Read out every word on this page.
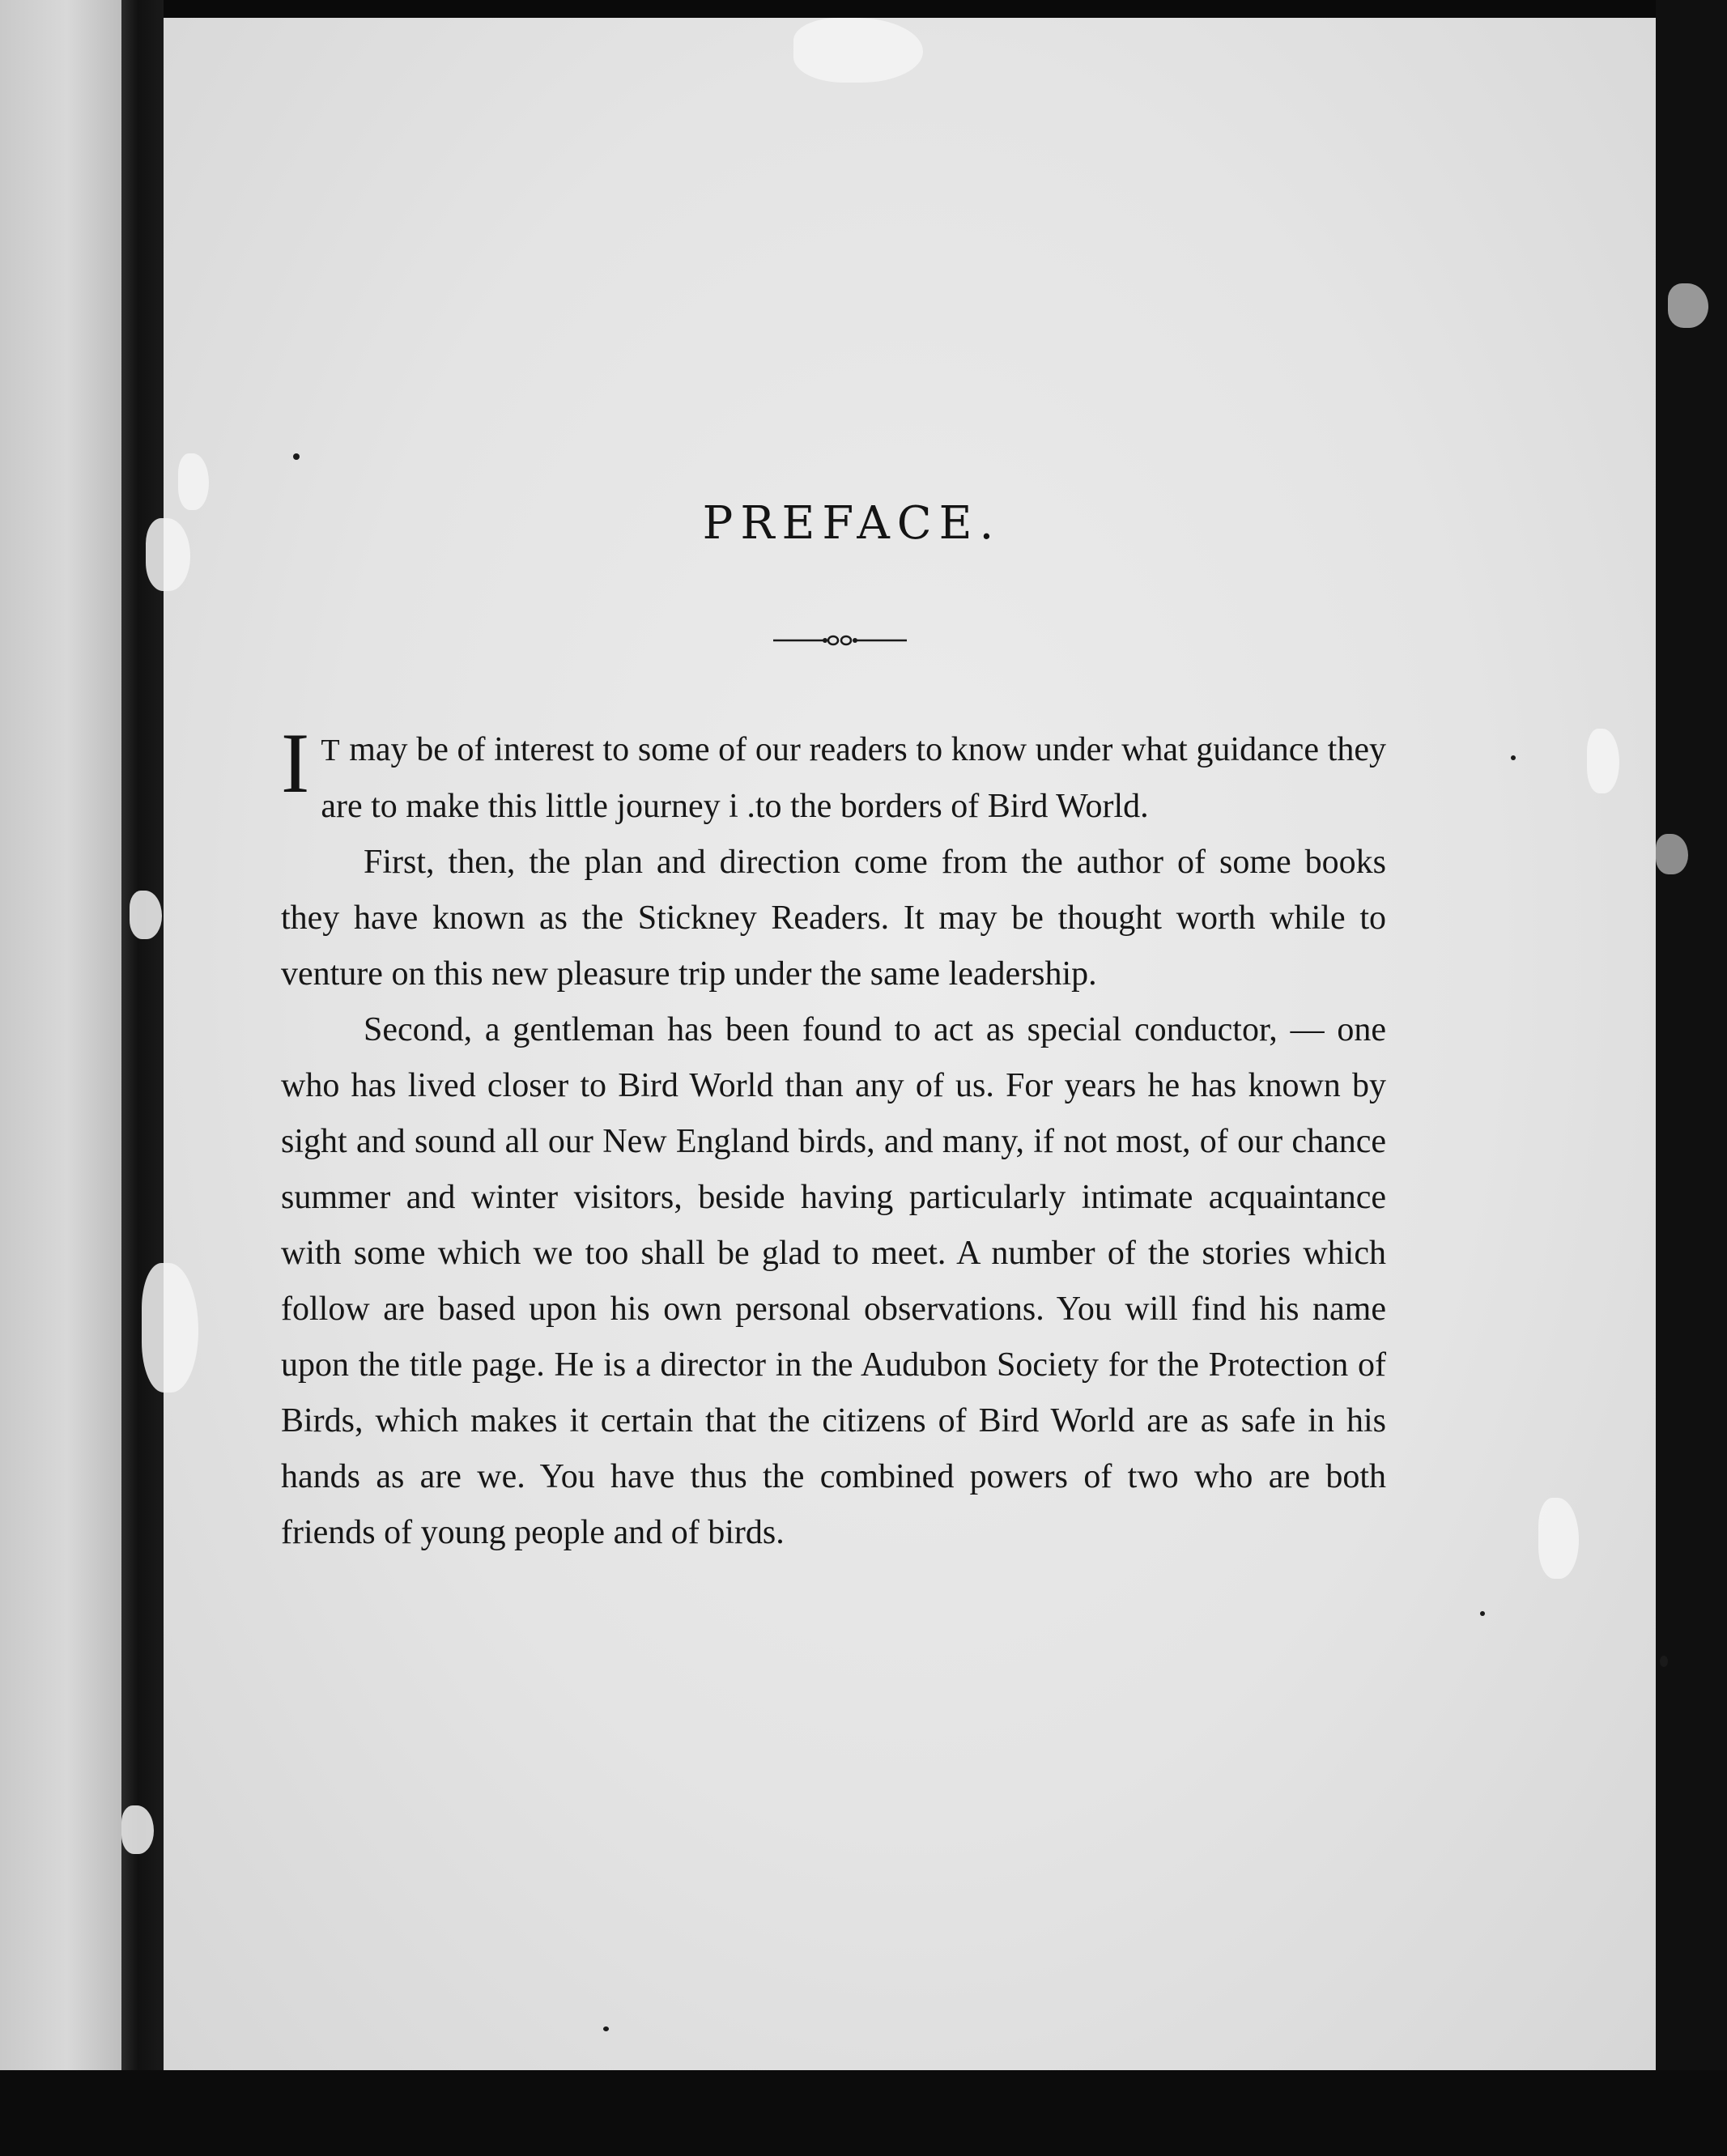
PREFACE.

I T may be of interest to some of our readers to know under what guidance they are to make this little journey i .to the borders of Bird World.

First, then, the plan and direction come from the author of some books they have known as the Stickney Readers. It may be thought worth while to venture on this new pleasure trip under the same leadership.

Second, a gentleman has been found to act as special conductor, — one who has lived closer to Bird World than any of us. For years he has known by sight and sound all our New England birds, and many, if not most, of our chance summer and winter visitors, beside having particularly intimate acquaintance with some which we too shall be glad to meet. A number of the stories which follow are based upon his own personal observations. You will find his name upon the title page. He is a director in the Audubon Society for the Protection of Birds, which makes it certain that the citizens of Bird World are as safe in his hands as are we. You have thus the combined powers of two who are both friends of young people and of birds.
